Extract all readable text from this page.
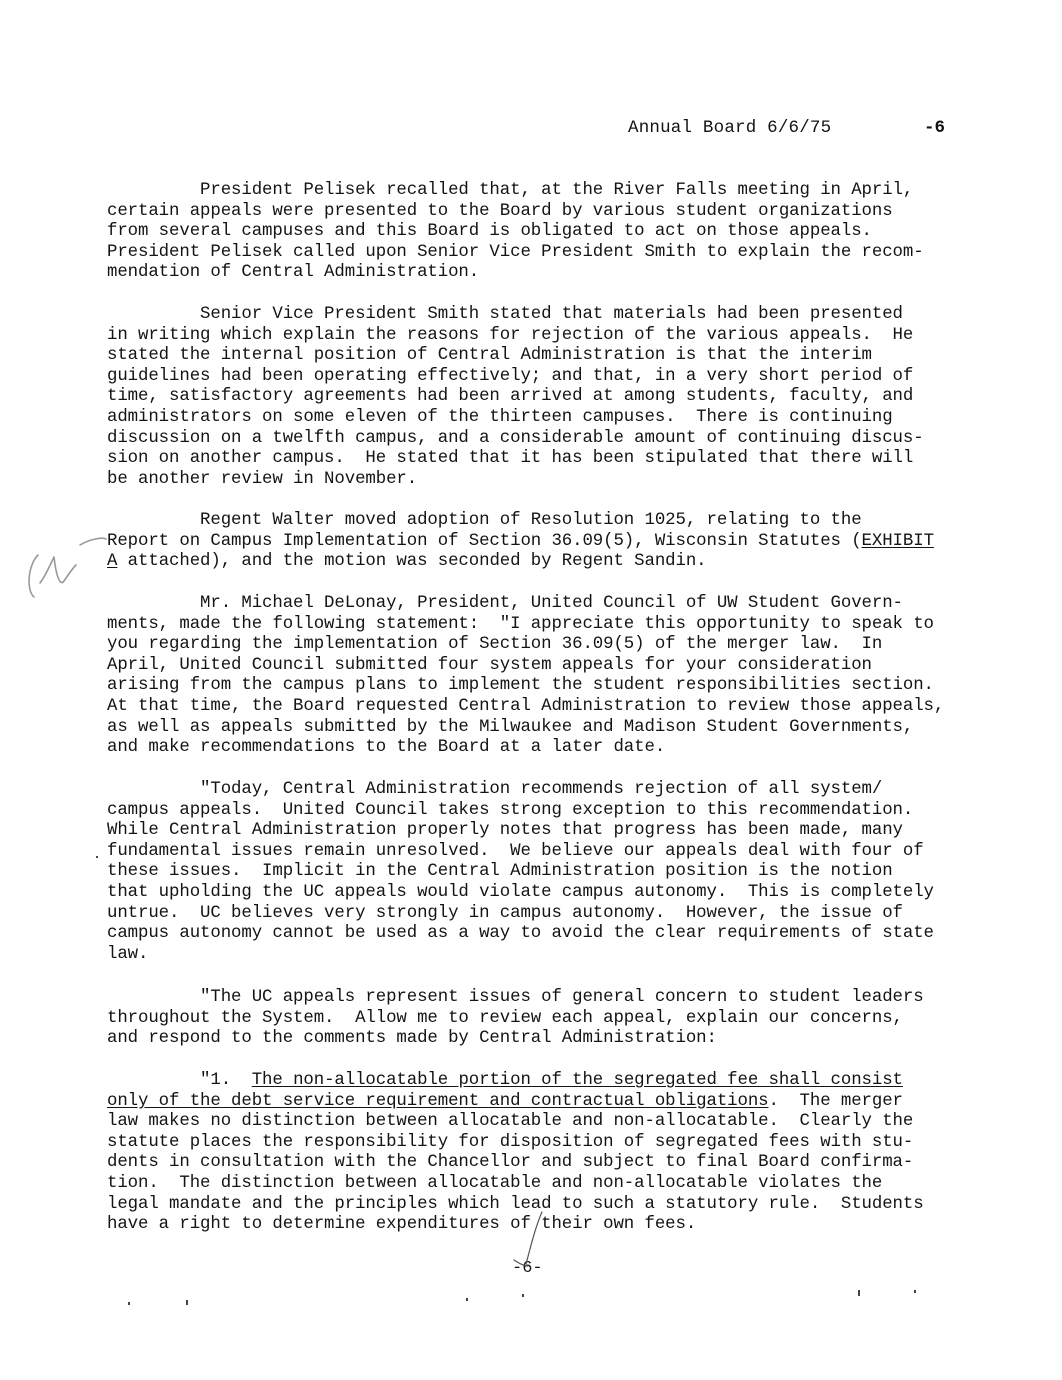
Annual Board 6/6/75	-6
President Pelisek recalled that, at the River Falls meeting in April,
certain appeals were presented to the Board by various student organizations
from several campuses and this Board is obligated to act on those appeals.
President Pelisek called upon Senior Vice President Smith to explain the recom-
mendation of Central Administration.
Senior Vice President Smith stated that materials had been presented
in writing which explain the reasons for rejection of the various appeals.  He
stated the internal position of Central Administration is that the interim
guidelines had been operating effectively; and that, in a very short period of
time, satisfactory agreements had been arrived at among students, faculty, and
administrators on some eleven of the thirteen campuses.  There is continuing
discussion on a twelfth campus, and a considerable amount of continuing discus-
sion on another campus.  He stated that it has been stipulated that there will
be another review in November.
Regent Walter moved adoption of Resolution 1025, relating to the
Report on Campus Implementation of Section 36.09(5), Wisconsin Statutes (EXHIBIT
A attached), and the motion was seconded by Regent Sandin.
Mr. Michael DeLonay, President, United Council of UW Student Govern-
ments, made the following statement:  "I appreciate this opportunity to speak to
you regarding the implementation of Section 36.09(5) of the merger law.  In
April, United Council submitted four system appeals for your consideration
arising from the campus plans to implement the student responsibilities section.
At that time, the Board requested Central Administration to review those appeals,
as well as appeals submitted by the Milwaukee and Madison Student Governments,
and make recommendations to the Board at a later date.
"Today, Central Administration recommends rejection of all system/
campus appeals.  United Council takes strong exception to this recommendation.
While Central Administration properly notes that progress has been made, many
fundamental issues remain unresolved.  We believe our appeals deal with four of
these issues.  Implicit in the Central Administration position is the notion
that upholding the UC appeals would violate campus autonomy.  This is completely
untrue.  UC believes very strongly in campus autonomy.  However, the issue of
campus autonomy cannot be used as a way to avoid the clear requirements of state
law.
"The UC appeals represent issues of general concern to student leaders
throughout the System.  Allow me to review each appeal, explain our concerns,
and respond to the comments made by Central Administration:
"1.  The non-allocatable portion of the segregated fee shall consist
only of the debt service requirement and contractual obligations.  The merger
law makes no distinction between allocatable and non-allocatable.  Clearly the
statute places the responsibility for disposition of segregated fees with stu-
dents in consultation with the Chancellor and subject to final Board confirma-
tion.  The distinction between allocatable and non-allocatable violates the
legal mandate and the principles which lead to such a statutory rule.  Students
have a right to determine expenditures of their own fees.
-6-
